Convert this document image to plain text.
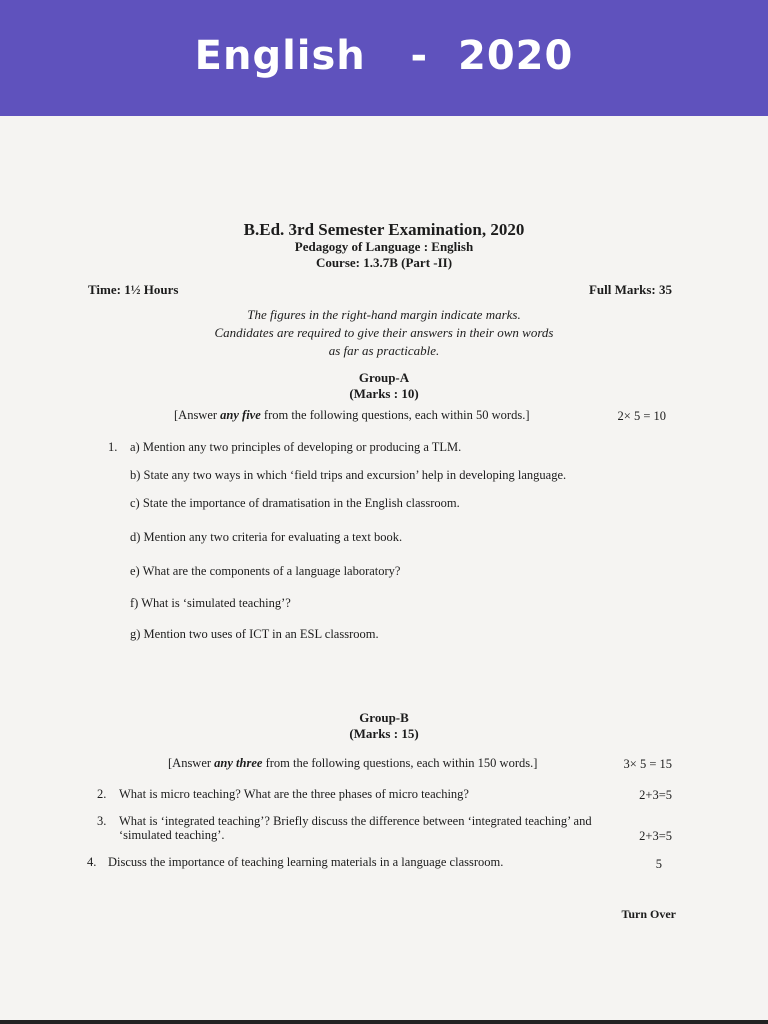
English   -  2020
B.Ed. 3rd Semester Examination, 2020
Pedagogy of Language : English
Course: 1.3.7B (Part -II)
Time: 1½ Hours	Full Marks: 35
The figures in the right-hand margin indicate marks.
Candidates are required to give their answers in their own words
as far as practicable.
Group-A
(Marks : 10)
[Answer any five from the following questions, each within 50 words.]	2× 5 = 10
1. a) Mention any two principles of developing or producing a TLM.
b) State any two ways in which ‘field trips and excursion’ help in developing language.
c) State the importance of dramatisation in the English classroom.
d) Mention any two criteria for evaluating a text book.
e) What are the components of a language laboratory?
f) What is ‘simulated teaching’?
g) Mention two uses of ICT in an ESL classroom.
Group-B
(Marks : 15)
[Answer any three from the following questions, each within 150 words.]	3× 5 = 15
2. What is micro teaching? What are the three phases of micro teaching?	2+3=5
3. What is ‘integrated teaching’? Briefly discuss the difference between ‘integrated teaching’ and
‘simulated teaching’.	2+3=5
4. Discuss the importance of teaching learning materials in a language classroom.	5
Turn Over
